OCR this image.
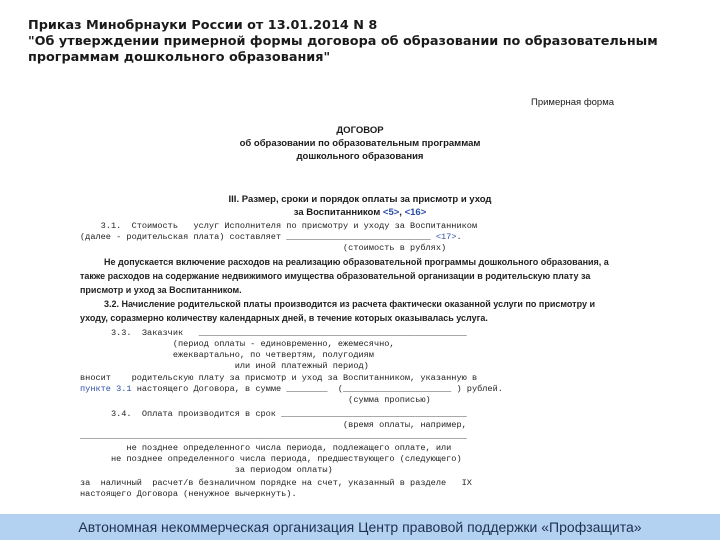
Приказ Минобрнауки России от 13.01.2014 N 8
"Об утверждении примерной формы договора об образовании по образовательным
программам дошкольного образования"
Примерная форма
ДОГОВОР
об образовании по образовательным программам
дошкольного образования
III. Размер, сроки и порядок оплаты за присмотр и уход
за Воспитанником <5>, <16>
3.1.  Стоимость   услуг Исполнителя по присмотру и уходу за Воспитанником
(далее - родительская плата) составляет ____________________________ <17>.
(стоимость в рублях)
Не допускается включение расходов на реализацию образовательной программы дошкольного образования, а
также расходов на содержание недвижимого имущества образовательной организации в родительскую плату за
присмотр и уход за Воспитанником.
3.2. Начисление родительской платы производится из расчета фактически оказанной услуги по присмотру и
уходу, соразмерно количеству календарных дней, в течение которых оказывалась услуга.
3.3.  Заказчик   ____________________________________________________
(период оплаты - единовременно, ежемесячно,
ежеквартально, по четвертям, полугодиям
или иной платежный период)
вносит    родительскую плату за присмотр и уход за Воспитанником, указанную в
пункте 3.1 настоящего Договора, в сумме ________  (_____________________ ) рублей.
(сумма прописью)
3.4.  Оплата производится в срок ____________________________________
(время оплаты, например,
___________________________________________________________________________
не позднее определенного числа периода, подлежащего оплате, или
не позднее определенного числа периода, предшествующего (следующего)
за периодом оплаты)
за  наличный  расчет/в безналичном порядке на счет, указанный в разделе   IX
настоящего Договора (ненужное вычеркнуть).
Автономная некоммерческая организация Центр правовой поддержки «Профзащита»
